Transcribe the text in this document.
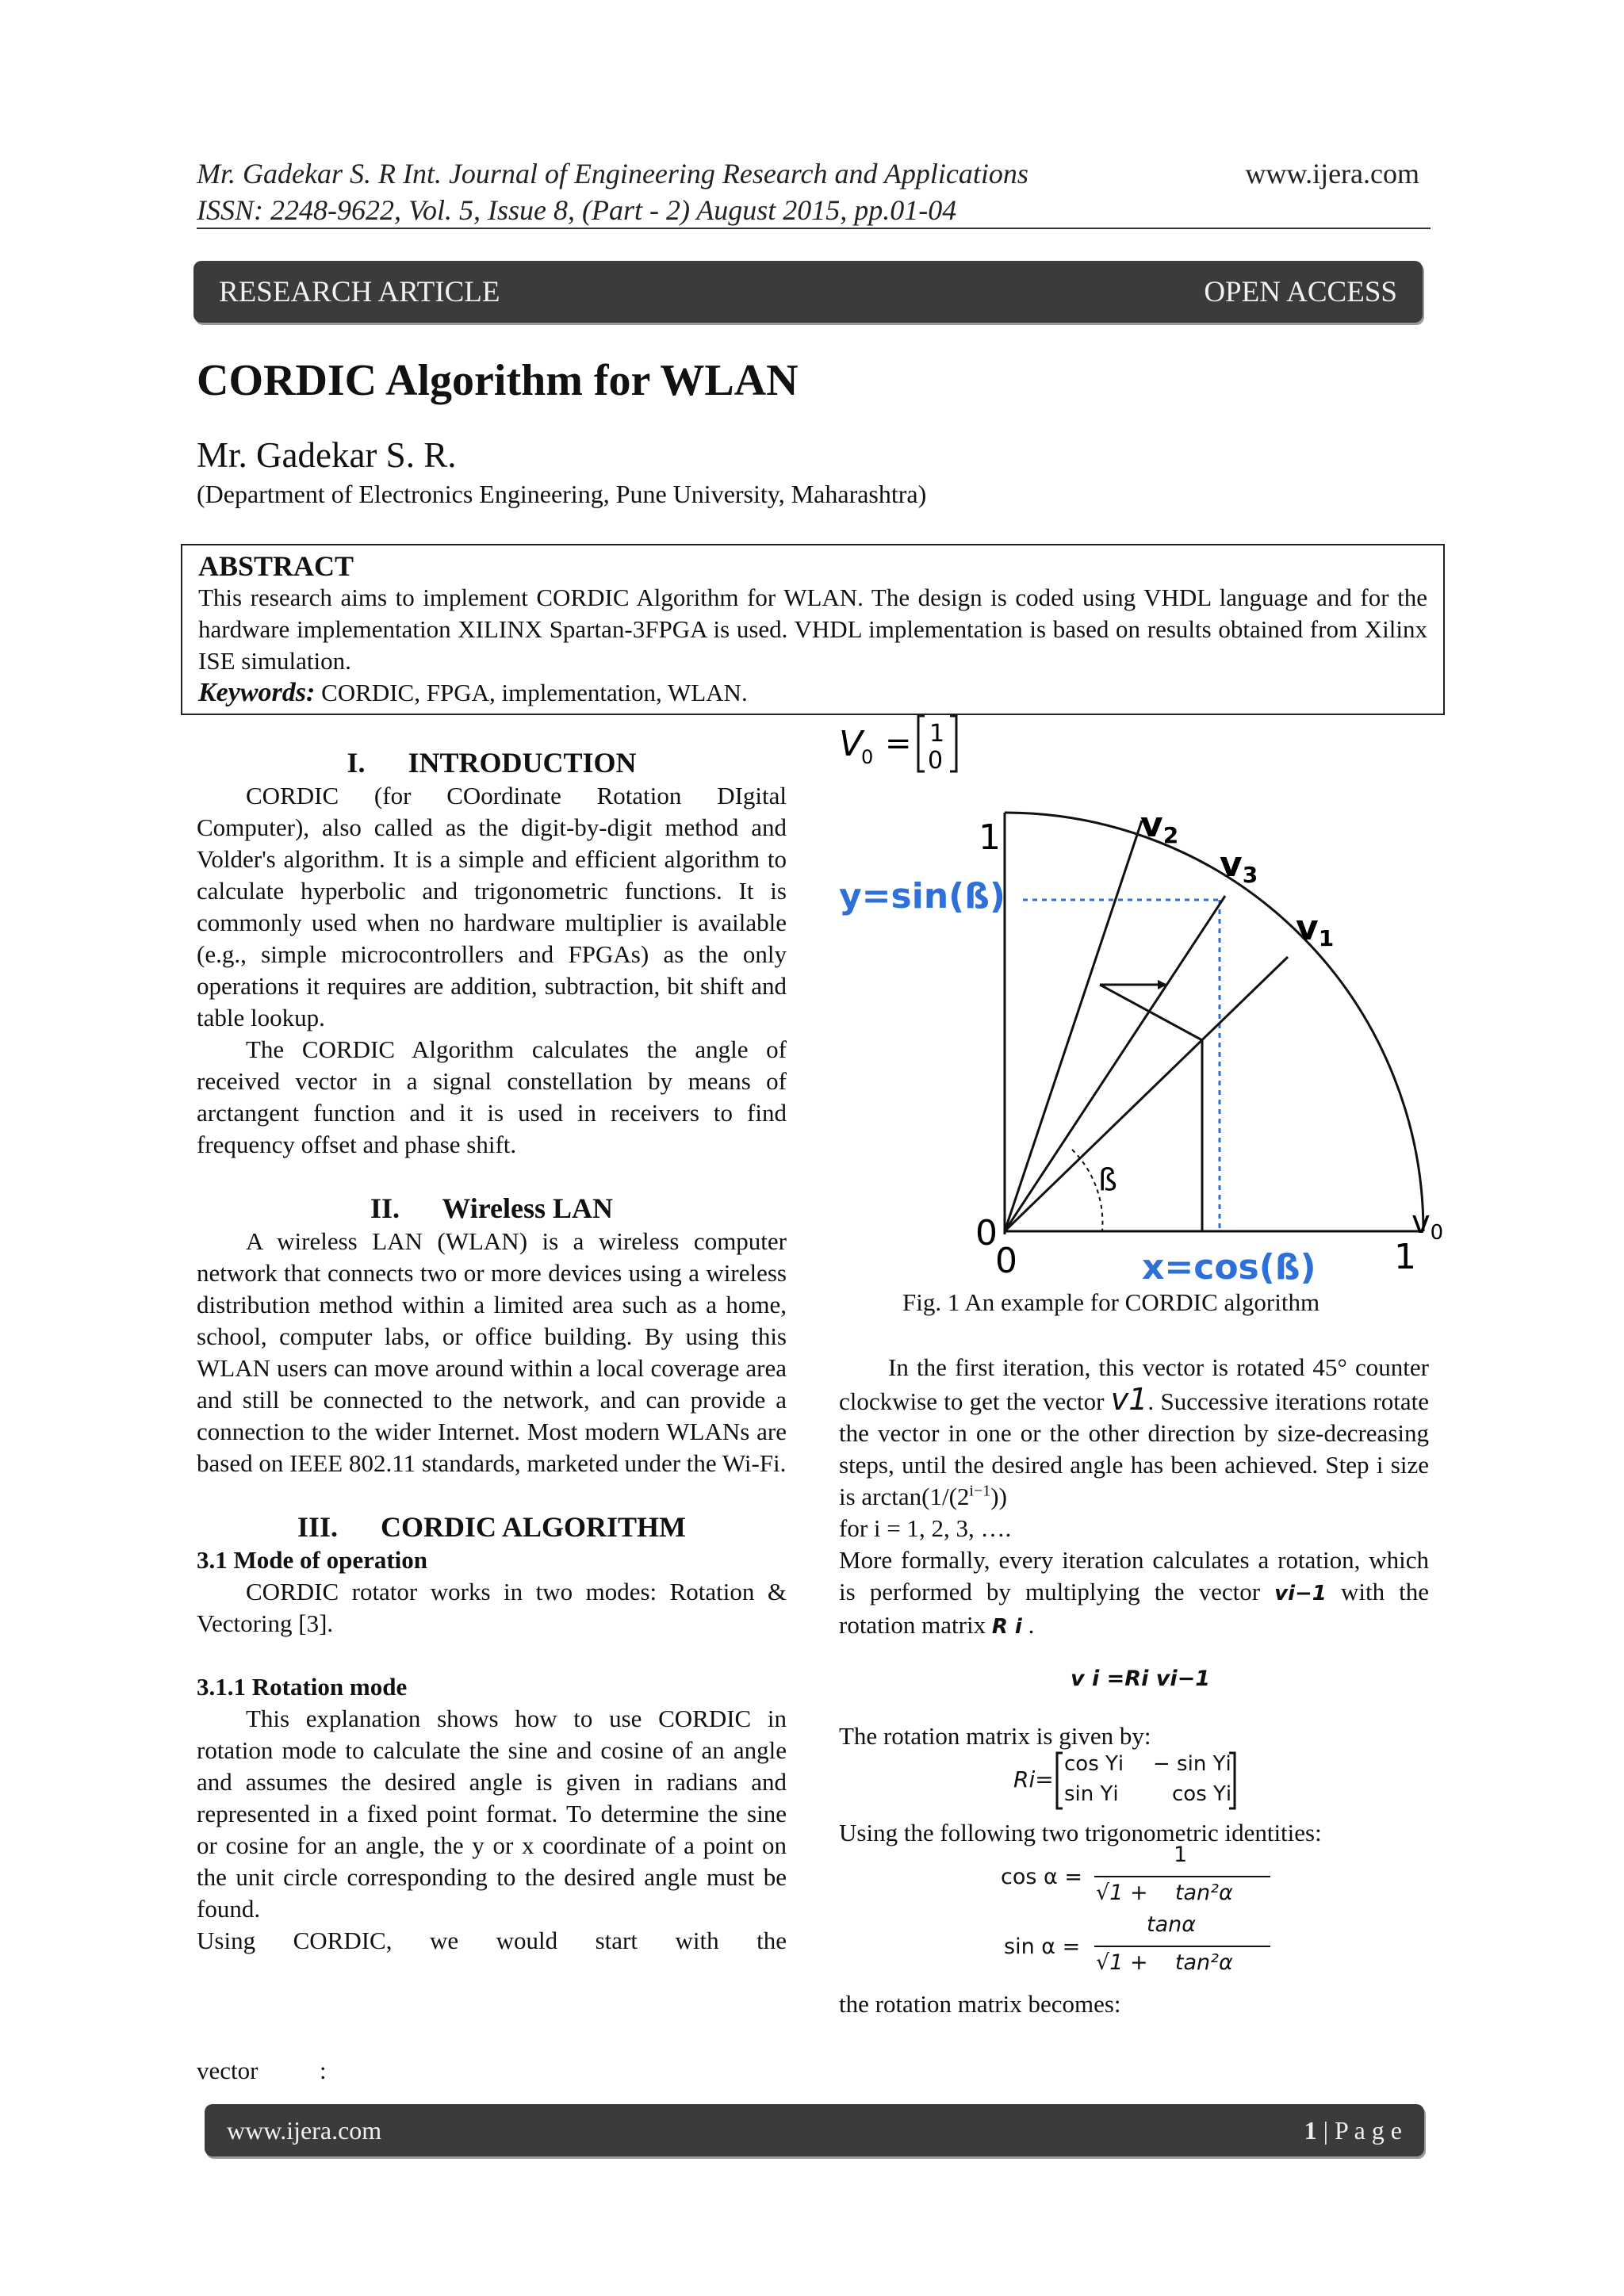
Mr. Gadekar S. R Int. Journal of Engineering Research and Applications
ISSN: 2248-9622, Vol. 5, Issue 8, (Part - 2) August 2015, pp.01-04
www.ijera.com
RESEARCH ARTICLE	OPEN ACCESS
CORDIC Algorithm for WLAN
Mr. Gadekar S. R.
(Department of Electronics Engineering, Pune University, Maharashtra)
ABSTRACT
This research aims to implement CORDIC Algorithm for WLAN. The design is coded using VHDL language and for the hardware implementation XILINX Spartan-3FPGA is used. VHDL implementation is based on results obtained from Xilinx ISE simulation.
Keywords: CORDIC, FPGA, implementation, WLAN.
I.      INTRODUCTION

CORDIC (for COordinate Rotation DIgital Computer), also called as the digit-by-digit method and Volder's algorithm. It is a simple and efficient algorithm to calculate hyperbolic and trigonometric functions. It is commonly used when no hardware multiplier is available (e.g., simple microcontrollers and FPGAs) as the only operations it requires are addition, subtraction, bit shift and table lookup.

The CORDIC Algorithm calculates the angle of received vector in a signal constellation by means of arctangent function and it is used in receivers to find frequency offset and phase shift.

II.      Wireless LAN

A wireless LAN (WLAN) is a wireless computer network that connects two or more devices using a wireless distribution method within a limited area such as a home, school, computer labs, or office building. By using this WLAN users can move around within a local coverage area and still be connected to the network, and can provide a connection to the wider Internet. Most modern WLANs are based on IEEE 802.11 standards, marketed under the Wi-Fi.

III.      CORDIC ALGORITHM
3.1 Mode of operation

CORDIC rotator works in two modes: Rotation & Vectoring [3].

3.1.1 Rotation mode

This explanation shows how to use CORDIC in rotation mode to calculate the sine and cosine of an angle and assumes the desired angle is given in radians and represented in a fixed point format. To determine the sine or cosine for an angle, the y or x coordinate of a point on the unit circle corresponding to the desired angle must be found.

Using CORDIC, we would start with the

vector          :
V
0 = 1
0
ß
1
0
0	1
v2
v3
v1
$v_0$
y=sin(ß)
x=cos(ß)
Fig. 1 An example for CORDIC algorithm

In the first iteration, this vector is rotated 45° counter clockwise to get the vector v1. Successive iterations rotate the vector in one or the other direction by size-decreasing steps, until the desired angle has been achieved. Step i size is $\arctan(1/(2^{i-1}))$

for i = 1, 2, 3, ….

More formally, every iteration calculates a rotation, which is performed by multiplying the vector vi−1 with the rotation matrix R i .

v i =Ri vi−1
The rotation matrix is given by:
Ri=
cos Υi − sin Υi
sin Υi	cos Υi
Using the following two trigonometric identities:
cos α =
1
√1 +    tan²α
sin α =
tanα
√1 +    tan²α
the rotation matrix becomes:
www.ijera.com	1 | P a g e
